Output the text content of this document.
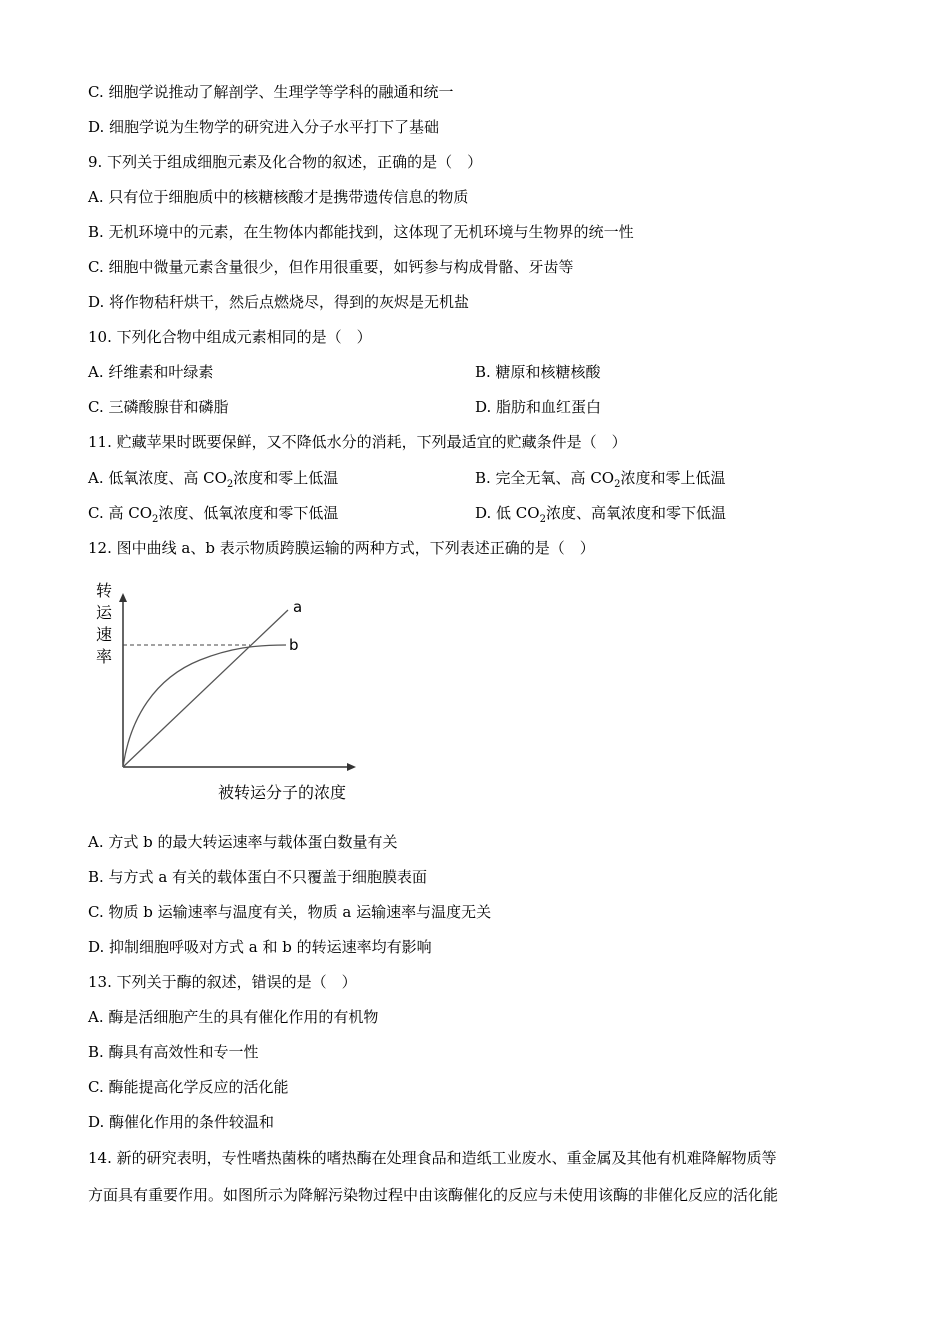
C. 细胞学说推动了解剖学、生理学等学科的融通和统一
D. 细胞学说为生物学的研究进入分子水平打下了基础
9. 下列关于组成细胞元素及化合物的叙述，正确的是（　）
A. 只有位于细胞质中的核糖核酸才是携带遗传信息的物质
B. 无机环境中的元素，在生物体内都能找到，这体现了无机环境与生物界的统一性
C. 细胞中微量元素含量很少，但作用很重要，如钙参与构成骨骼、牙齿等
D. 将作物秸秆烘干，然后点燃烧尽，得到的灰烬是无机盐
10. 下列化合物中组成元素相同的是（　）
A. 纤维素和叶绿素	B. 糖原和核糖核酸
C. 三磷酸腺苷和磷脂	D. 脂肪和血红蛋白
11. 贮藏苹果时既要保鲜，又不降低水分的消耗，下列最适宜的贮藏条件是（　）
A. 低氧浓度、高 $CO_2$浓度和零上低温	B. 完全无氧、高 $CO_2$浓度和零上低温
C. 高 $CO_2$浓度、低氧浓度和零下低温	D. 低 $CO_2$浓度、高氧浓度和零下低温
12. 图中曲线 a、b 表示物质跨膜运输的两种方式，下列表述正确的是（　）
转
运
速
率
a
b
被转运分子的浓度
A. 方式 b 的最大转运速率与载体蛋白数量有关
B. 与方式 a 有关的载体蛋白不只覆盖于细胞膜表面
C. 物质 b 运输速率与温度有关，物质 a 运输速率与温度无关
D. 抑制细胞呼吸对方式 a 和 b 的转运速率均有影响
13. 下列关于酶的叙述，错误的是（　）
A. 酶是活细胞产生的具有催化作用的有机物
B. 酶具有高效性和专一性
C. 酶能提高化学反应的活化能
D. 酶催化作用的条件较温和
14. 新的研究表明，专性嗜热菌株的嗜热酶在处理食品和造纸工业废水、重金属及其他有机难降解物质等
方面具有重要作用。如图所示为降解污染物过程中由该酶催化的反应与未使用该酶的非催化反应的活化能
